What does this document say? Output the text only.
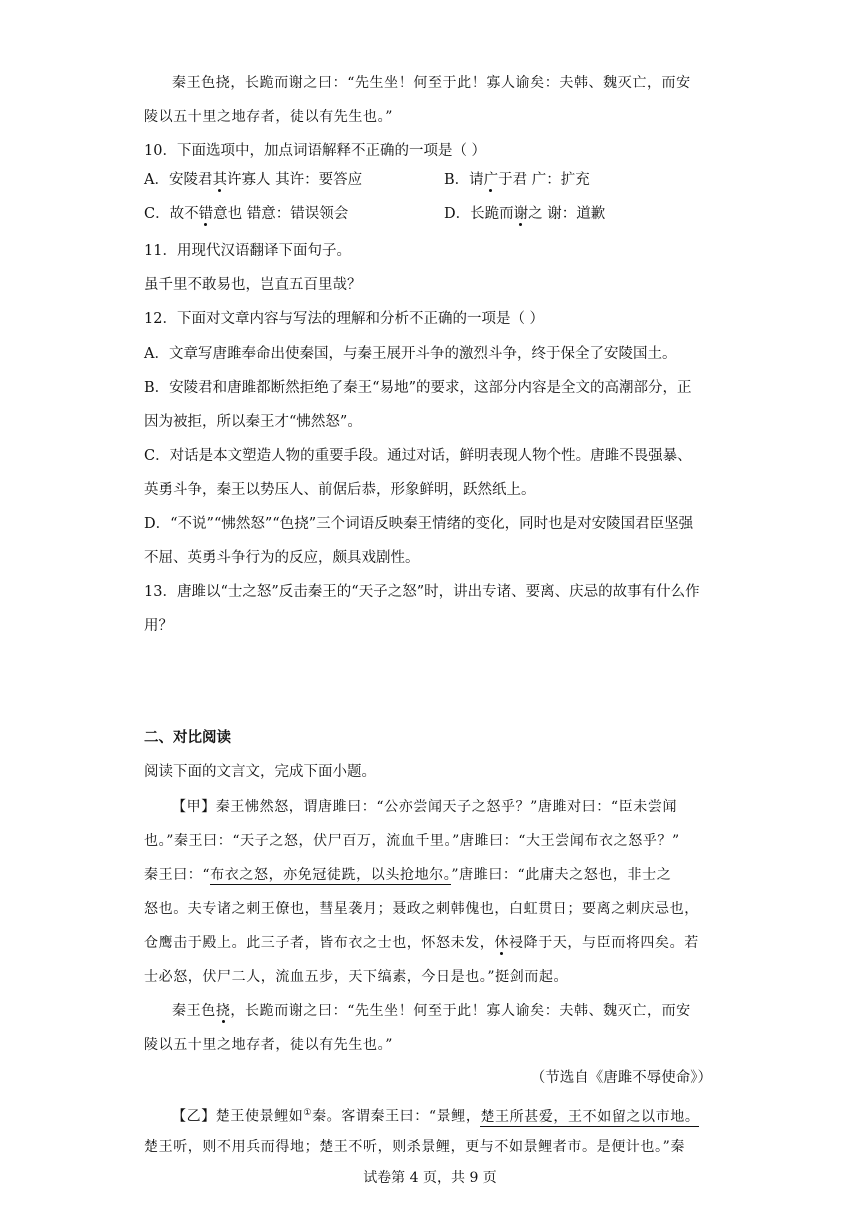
秦王色挠，长跪而谢之曰：“先生坐！何至于此！寡人谕矣：夫韩、魏灭亡，而安
陵以五十里之地存者，徒以有先生也。”
10．下面选项中，加点词语解释不正确的一项是（ ）
A．安陵君其许寡人 其许：要答应	B．请广于君 广：扩充
C．故不错意也 错意：错误领会	D．长跪而谢之 谢：道歉
11．用现代汉语翻译下面句子。
虽千里不敢易也，岂直五百里哉？
12．下面对文章内容与写法的理解和分析不正确的一项是（ ）
A．文章写唐雎奉命出使秦国，与秦王展开斗争的激烈斗争，终于保全了安陵国土。
B．安陵君和唐雎都断然拒绝了秦王“易地”的要求，这部分内容是全文的高潮部分，正
因为被拒，所以秦王才“怫然怒”。
C．对话是本文塑造人物的重要手段。通过对话，鲜明表现人物个性。唐雎不畏强暴、
英勇斗争，秦王以势压人、前倨后恭，形象鲜明，跃然纸上。
D．“不说”“怫然怒”“色挠”三个词语反映秦王情绪的变化，同时也是对安陵国君臣坚强
不屈、英勇斗争行为的反应，颇具戏剧性。
13．唐雎以“士之怒”反击秦王的“天子之怒”时，讲出专诸、要离、庆忌的故事有什么作
用？
二、对比阅读
阅读下面的文言文，完成下面小题。
【甲】秦王怫然怒，谓唐雎曰：“公亦尝闻天子之怒乎？”唐雎对曰：“臣未尝闻
也。”秦王曰：“天子之怒，伏尸百万，流血千里。”唐雎曰：“大王尝闻布衣之怒乎？”
秦王曰：“布衣之怒，亦免冠徒跣，以头抢地尔。”唐雎曰：“此庸夫之怒也，非士之
怒也。夫专诸之刺王僚也，彗星袭月；聂政之刺韩傀也，白虹贯日；要离之刺庆忌也，
仓鹰击于殿上。此三子者，皆布衣之士也，怀怒未发，休祲降于天，与臣而将四矣。若
士必怒，伏尸二人，流血五步，天下缟素，今日是也。”挺剑而起。
秦王色挠，长跪而谢之曰：“先生坐！何至于此！寡人谕矣：夫韩、魏灭亡，而安
陵以五十里之地存者，徒以有先生也。”
（节选自《唐雎不辱使命》）
【乙】楚王使景鲤如①秦。客谓秦王曰：“景鲤，楚王所甚爱，王不如留之以市地。
楚王听，则不用兵而得地；楚王不听，则杀景鲤，更与不如景鲤者市。是便计也。”秦
试卷第 4 页，共 9 页
